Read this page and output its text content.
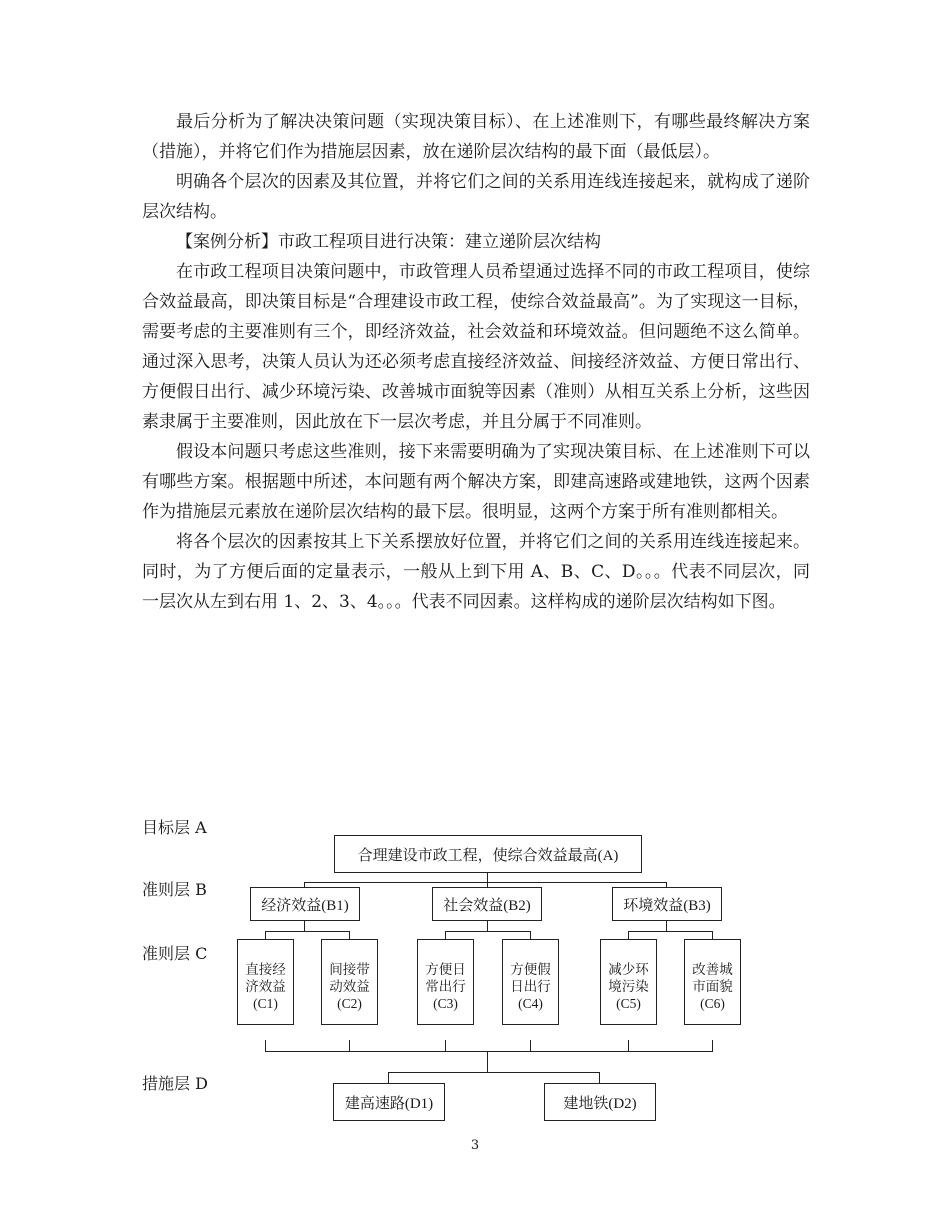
最后分析为了解决决策问题（实现决策目标）、在上述准则下，有哪些最终解决方案（措施），并将它们作为措施层因素，放在递阶层次结构的最下面（最低层）。

明确各个层次的因素及其位置，并将它们之间的关系用连线连接起来，就构成了递阶层次结构。

【案例分析】市政工程项目进行决策：建立递阶层次结构

在市政工程项目决策问题中，市政管理人员希望通过选择不同的市政工程项目，使综合效益最高，即决策目标是“合理建设市政工程，使综合效益最高”。为了实现这一目标，需要考虑的主要准则有三个，即经济效益，社会效益和环境效益。但问题绝不这么简单。通过深入思考，决策人员认为还必须考虑直接经济效益、间接经济效益、方便日常出行、方便假日出行、减少环境污染、改善城市面貌等因素（准则）从相互关系上分析，这些因素隶属于主要准则，因此放在下一层次考虑，并且分属于不同准则。

假设本问题只考虑这些准则，接下来需要明确为了实现决策目标、在上述准则下可以有哪些方案。根据题中所述，本问题有两个解决方案，即建高速路或建地铁，这两个因素作为措施层元素放在递阶层次结构的最下层。很明显，这两个方案于所有准则都相关。

将各个层次的因素按其上下关系摆放好位置，并将它们之间的关系用连线连接起来。同时，为了方便后面的定量表示，一般从上到下用 A、B、C、D。。。代表不同层次，同一层次从左到右用 1、2、3、4。。。代表不同因素。这样构成的递阶层次结构如下图。

目标层 A
准则层 B
准则层 C
措施层 D
合理建设市政工程，使综合效益最高(A)
经济效益(B1)	社会效益(B2)	环境效益(B3)
直接经
济效益
(C1)
间接带
动效益
(C2)
方便日
常出行
(C3)
方便假
日出行
(C4)
减少环
境污染
(C5)
改善城
市面貌
(C6)
建高速路(D1)	建地铁(D2)
3
